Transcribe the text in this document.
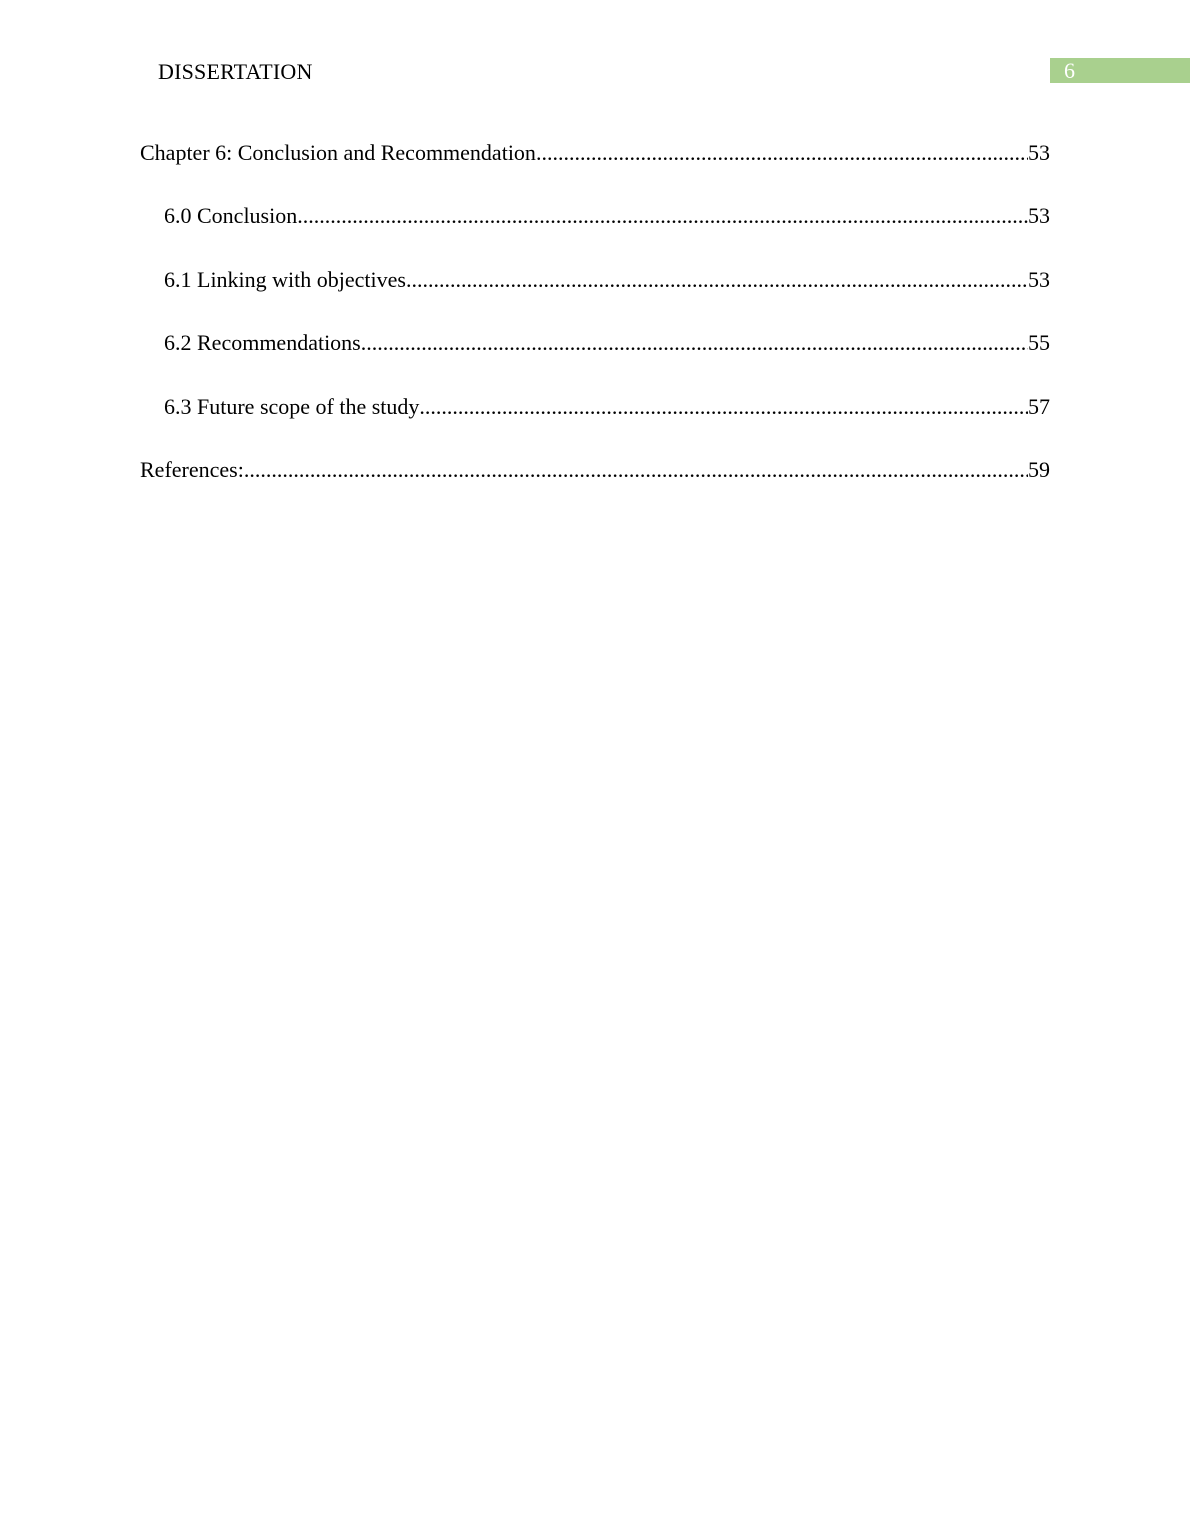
DISSERTATION	6
Chapter 6: Conclusion and Recommendation .....	53
6.0 Conclusion .....	53
6.1 Linking with objectives .....	53
6.2 Recommendations .....	55
6.3 Future scope of the study .....	57
References: .....	59
